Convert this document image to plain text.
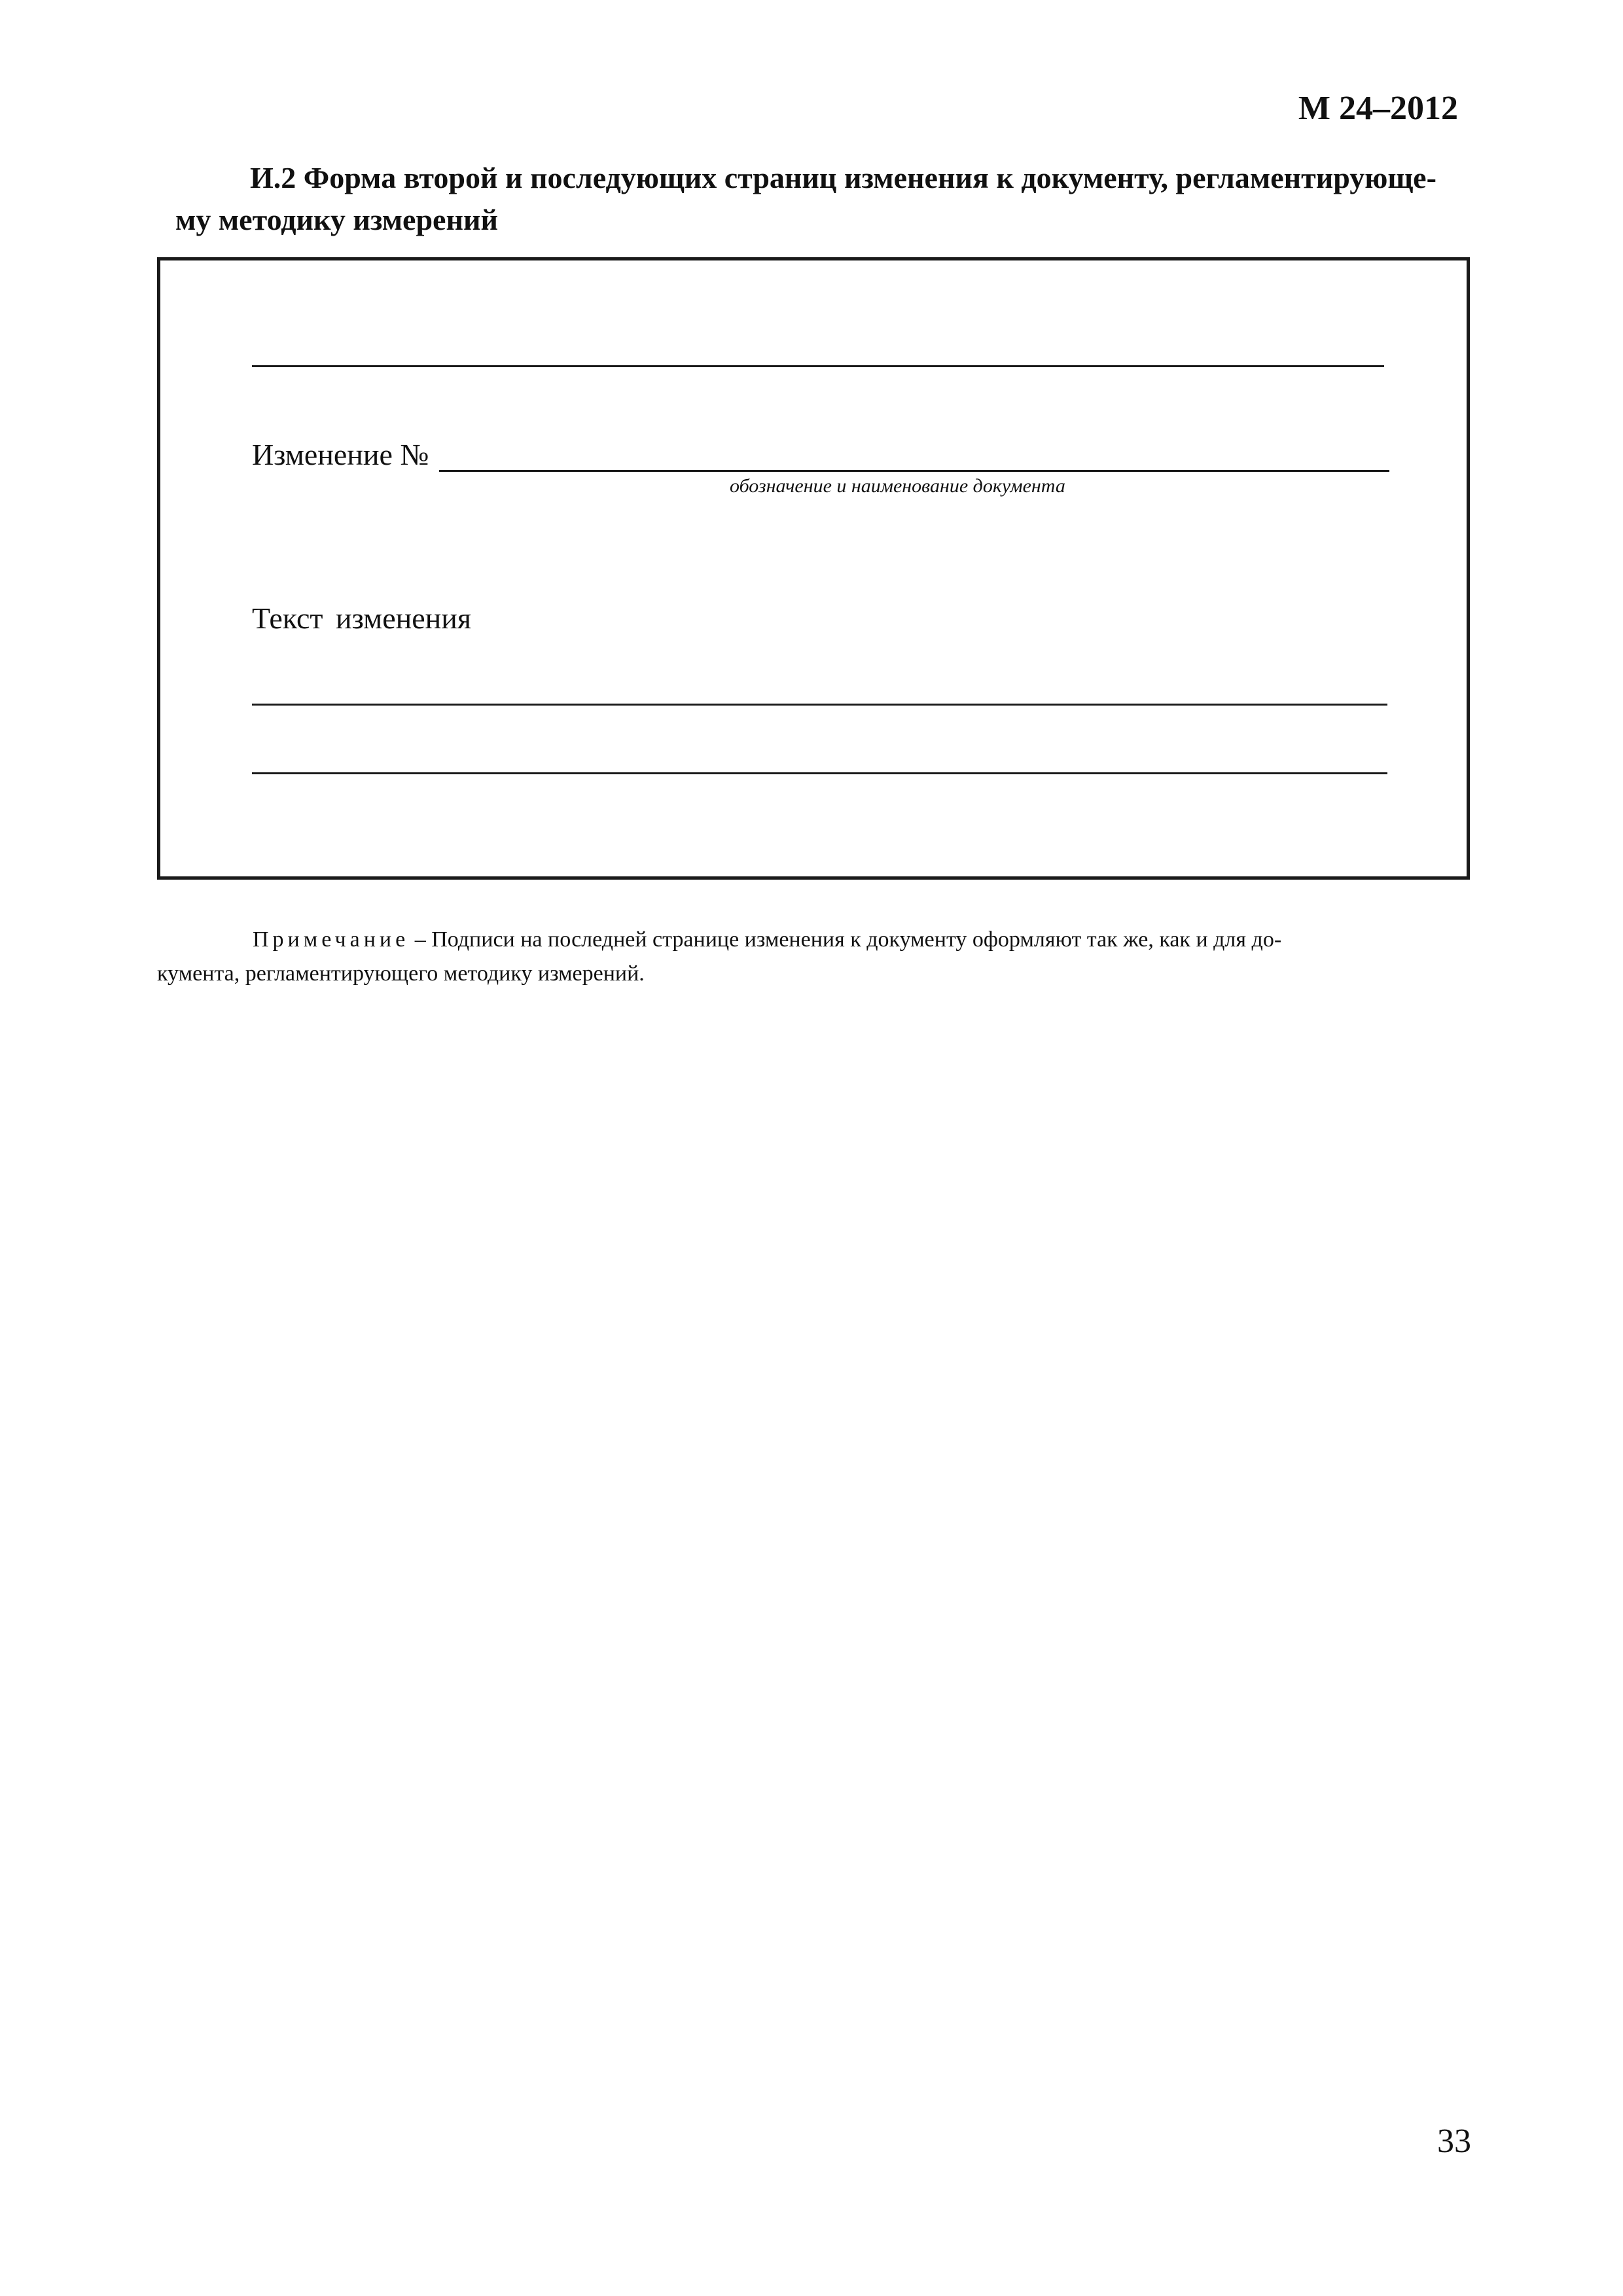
М 24–2012

И.2 Форма второй и последующих страниц изменения к документу, регламентирующе-
му методику измерений

Изменение №

обозначение и наименование документа

Текст изменения

Примечание – Подписи на последней странице изменения к документу оформляют так же, как и для до-
кумента, регламентирующего методику измерений.

33
